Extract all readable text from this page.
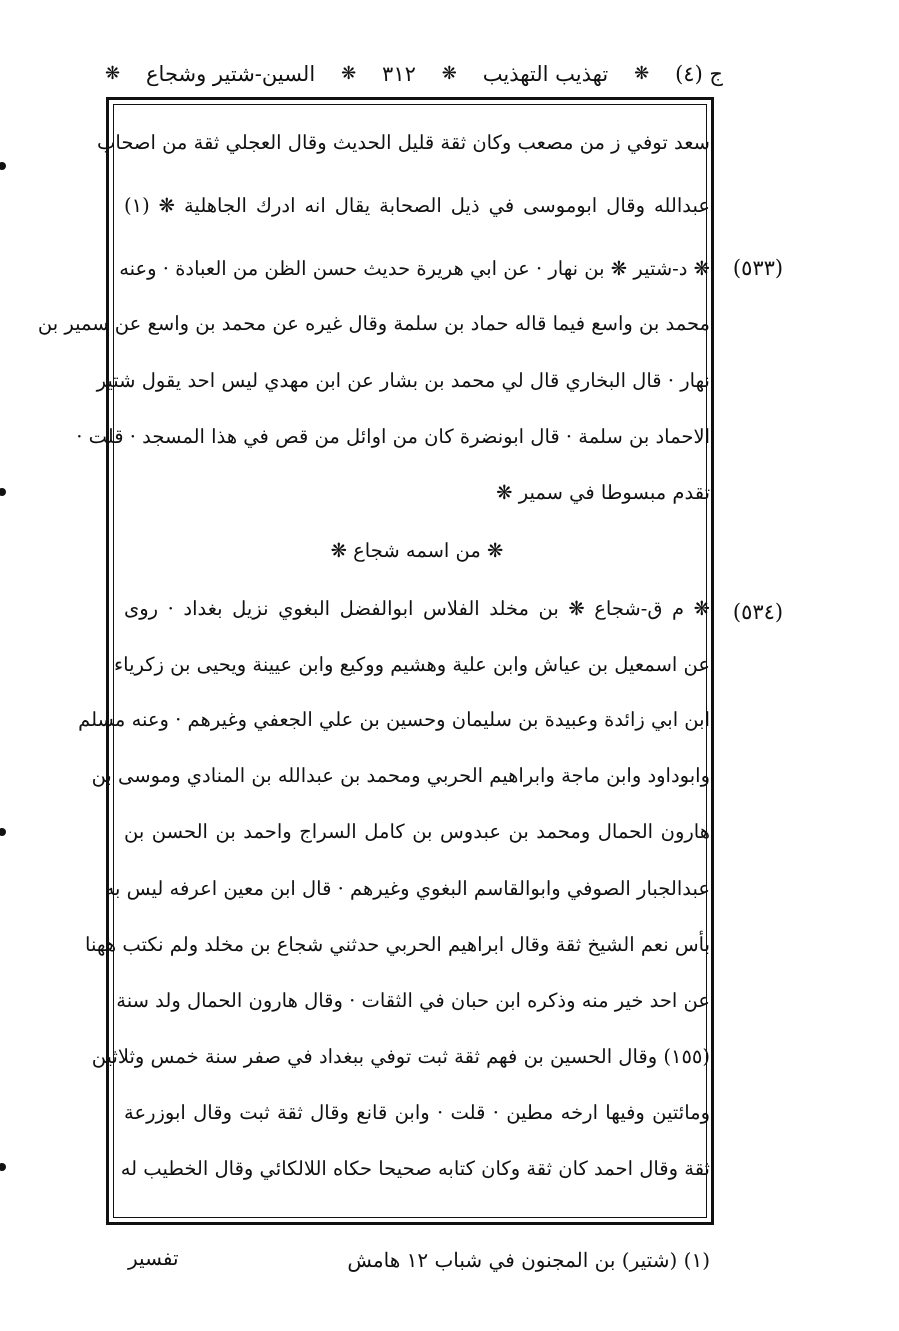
ج (٤)
❋
تهذيب التهذيب
❋
٣١٢
❋
السين-شتير وشجاع
❋
(٥٣٣)
(٥٣٤)
سعد توفي ز من مصعب وكان ثقة قليل الحديث وقال العجلي ثقة من اصحاب
عبدالله وقال ابوموسى في ذيل الصحابة يقال انه ادرك الجاهلية ❋ (١)
❋ د-شتير ❋ بن نهار · عن ابي هريرة حديث حسن الظن من العبادة · وعنه
محمد بن واسع فيما قاله حماد بن سلمة وقال غيره عن محمد بن واسع عن سمير بن
نهار · قال البخاري قال لي محمد بن بشار عن ابن مهدي ليس احد يقول شتير
الاحماد بن سلمة · قال ابونضرة كان من اوائل من قص في هذا المسجد · قلت ·
تقدم مبسوطا في سمير ❋
❋ من اسمه شجاع ❋
❋ م ق-شجاع ❋ بن مخلد الفلاس ابوالفضل البغوي نزيل بغداد · روى
عن اسمعيل بن عياش وابن علية وهشيم ووكيع وابن عيينة ويحيى بن زكرياء
ابن ابي زائدة وعبيدة بن سليمان وحسين بن علي الجعفي وغيرهم · وعنه مسلم
وابوداود وابن ماجة وابراهيم الحربي ومحمد بن عبدالله بن المنادي وموسى بن
هارون الحمال ومحمد بن عبدوس بن كامل السراج واحمد بن الحسن بن
عبدالجبار الصوفي وابوالقاسم البغوي وغيرهم · قال ابن معين اعرفه ليس به
بأس نعم الشيخ ثقة وقال ابراهيم الحربي حدثني شجاع بن مخلد ولم نكتب ههنا
عن احد خير منه وذكره ابن حبان في الثقات · وقال هارون الحمال ولد سنة
(١٥٥) وقال الحسين بن فهم ثقة ثبت توفي ببغداد في صفر سنة خمس وثلاثين
ومائتين وفيها ارخه مطين · قلت · وابن قانع وقال ثقة ثبت وقال ابوزرعة
ثقة وقال احمد كان ثقة وكان كتابه صحيحا حكاه اللالكائي وقال الخطيب له
(١) (شتير) بن المجنون في شباب ١٢ هامش
تفسير
